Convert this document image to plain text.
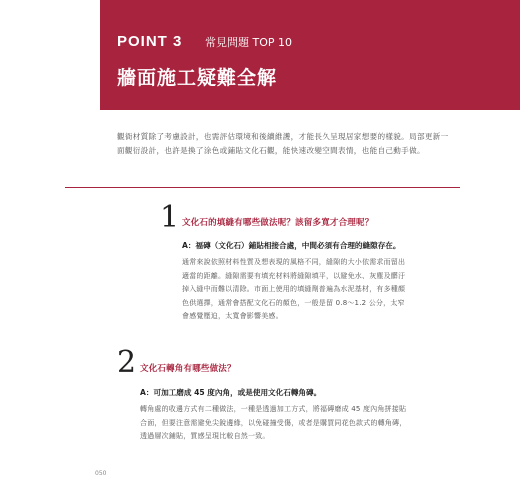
POINT 3 常見問題 TOP 10
牆面施工疑難全解
觀衙材質除了考慮設計，也需評估環境和後續維護，才能長久呈現居家想要的樣貌。局部更新一面觀衍設計，也許是換了涂色或鋪貼文化石觀，能快速改變空間表情，也能自己動手做。
1 文化石的填縫有哪些做法呢？該留多寬才合理呢？
A：福磚（文化石）鋪貼相接合處，中間必須有合理的縫隙存在。
通常來說依照材料性質及想表現的風格不同，縫隙的大小依需求而留出適當的距離。縫隙需要有填充材料將縫隙填平，以避免水、灰塵及髒汙掉入縫中而難以清除。市面上使用的填縫劑普遍為水泥基材，有多種顏色供選擇，通常會搭配文化石的顏色，一般是留 0.8～1.2 公分，太窄會感覺壓迫，太寬會影響美感。
2 文化石轉角有哪些做法？
A：可加工磨成 45 度內角，或是使用文化石轉角磚。
轉角處的收邊方式有二種做法，一種是透過加工方式，將福磚磨成 45 度內角拼接貼合面，但要注意需避免尖銳邊緣，以免碰撞受傷，或者是購買同花色款式的轉角磚，透過層次鋪貼，質感呈現比較自然一致。
050
